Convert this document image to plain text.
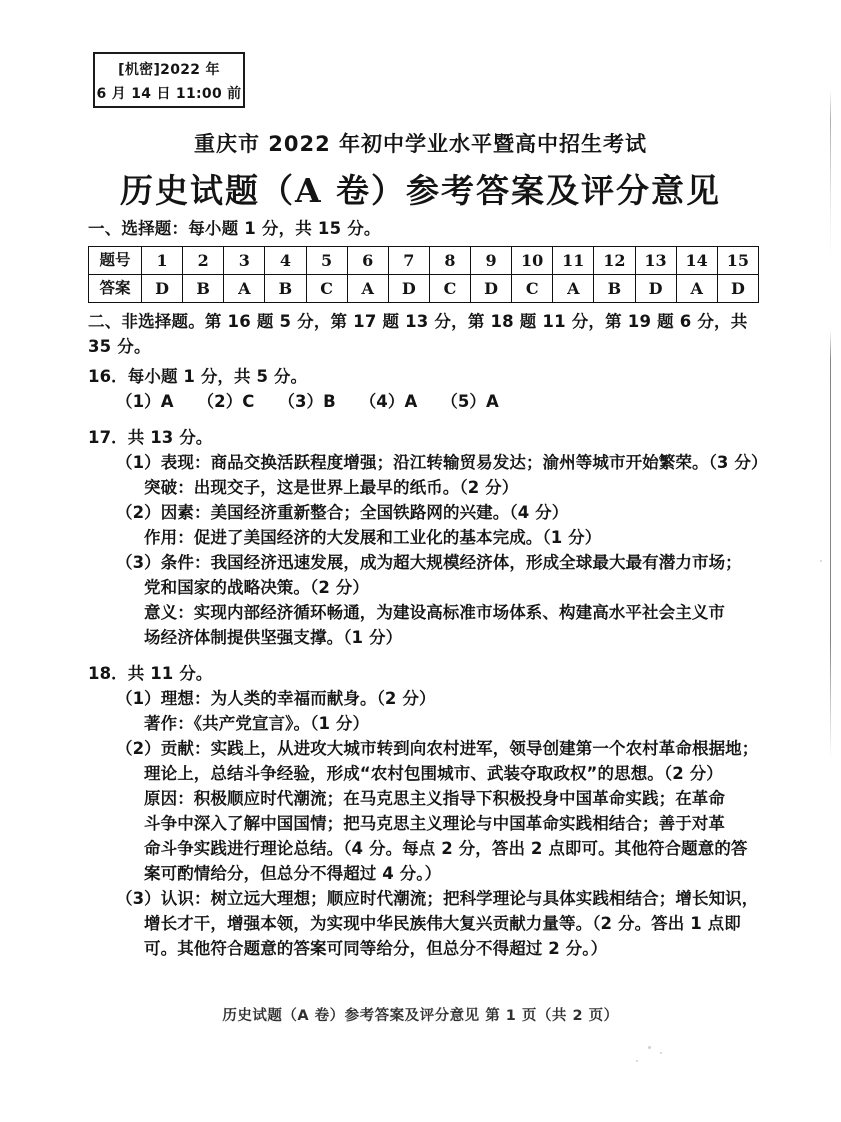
[机密]2022 年
6 月 14 日 11:00 前
重庆市 2022 年初中学业水平暨高中招生考试
历史试题（A 卷）参考答案及评分意见
一、选择题：每小题 1 分，共 15 分。
题号	1	2	3	4	5	6	7	8	9	10	11	12	13	14	15
答案	D	B	A	B	C	A	D	C	D	C	A	B	D	A	D
二、非选择题。第 16 题 5 分，第 17 题 13 分，第 18 题 11 分，第 19 题 6 分，共 35 分。
16．每小题 1 分，共 5 分。
（1）A （2）C （3）B （4）A （5）A
17．共 13 分。
（1）表现：商品交换活跃程度增强；沿江转输贸易发达；渝州等城市开始繁荣。（3 分）
突破：出现交子，这是世界上最早的纸币。（2 分）
（2）因素：美国经济重新整合；全国铁路网的兴建。（4 分）
作用：促进了美国经济的大发展和工业化的基本完成。（1 分）
（3）条件：我国经济迅速发展，成为超大规模经济体，形成全球最大最有潜力市场；
党和国家的战略决策。（2 分）
意义：实现内部经济循环畅通，为建设高标准市场体系、构建高水平社会主义市
场经济体制提供坚强支撑。（1 分）
18．共 11 分。
（1）理想：为人类的幸福而献身。（2 分）
著作：《共产党宣言》。（1 分）
（2）贡献：实践上，从进攻大城市转到向农村进军，领导创建第一个农村革命根据地；
理论上，总结斗争经验，形成“农村包围城市、武装夺取政权”的思想。（2 分）
原因：积极顺应时代潮流；在马克思主义指导下积极投身中国革命实践；在革命
斗争中深入了解中国国情；把马克思主义理论与中国革命实践相结合；善于对革
命斗争实践进行理论总结。（4 分。每点 2 分，答出 2 点即可。其他符合题意的答
案可酌情给分，但总分不得超过 4 分。）
（3）认识：树立远大理想；顺应时代潮流；把科学理论与具体实践相结合；增长知识，
增长才干，增强本领，为实现中华民族伟大复兴贡献力量等。（2 分。答出 1 点即
可。其他符合题意的答案可同等给分，但总分不得超过 2 分。）
历史试题（A 卷）参考答案及评分意见 第 1 页（共 2 页）
